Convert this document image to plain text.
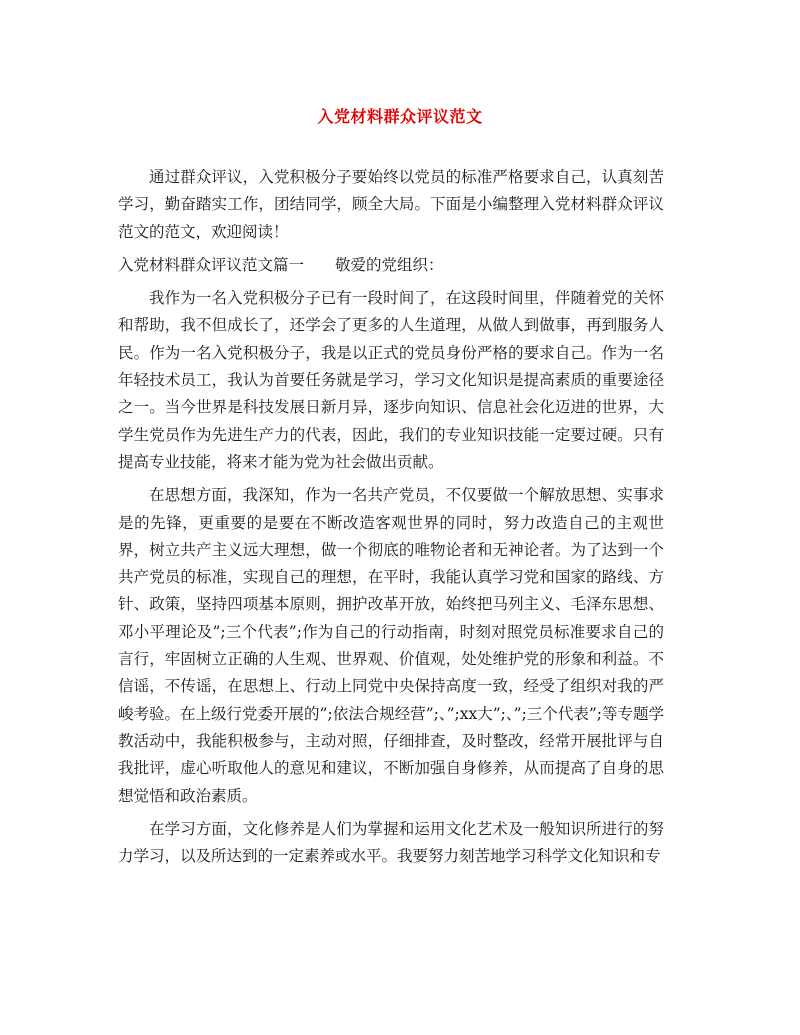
入党材料群众评议范文

通过群众评议，入党积极分子要始终以党员的标准严格要求自己，认真刻苦学习，勤奋踏实工作，团结同学，顾全大局。下面是小编整理入党材料群众评议范文的范文，欢迎阅读！

入党材料群众评议范文篇一　　敬爱的党组织：

我作为一名入党积极分子已有一段时间了，在这段时间里，伴随着党的关怀和帮助，我不但成长了，还学会了更多的人生道理，从做人到做事，再到服务人民。作为一名入党积极分子，我是以正式的党员身份严格的要求自己。作为一名年轻技术员工，我认为首要任务就是学习，学习文化知识是提高素质的重要途径之一。当今世界是科技发展日新月异，逐步向知识、信息社会化迈进的世界，大学生党员作为先进生产力的代表，因此，我们的专业知识技能一定要过硬。只有提高专业技能，将来才能为党为社会做出贡献。

在思想方面，我深知，作为一名共产党员，不仅要做一个解放思想、实事求是的先锋，更重要的是要在不断改造客观世界的同时，努力改造自己的主观世界，树立共产主义远大理想，做一个彻底的唯物论者和无神论者。为了达到一个共产党员的标准，实现自己的理想，在平时，我能认真学习党和国家的路线、方针、政策，坚持四项基本原则，拥护改革开放，始终把马列主义、毛泽东思想、邓小平理论及”;三个代表”;作为自己的行动指南，时刻对照党员标准要求自己的言行，牢固树立正确的人生观、世界观、价值观，处处维护党的形象和利益。不信谣，不传谣，在思想上、行动上同党中央保持高度一致，经受了组织对我的严峻考验。在上级行党委开展的”;依法合规经营”;、”;xx大”;、”;三个代表”;等专题学教活动中，我能积极参与，主动对照，仔细排查，及时整改，经常开展批评与自我批评，虚心听取他人的意见和建议，不断加强自身修养，从而提高了自身的思想觉悟和政治素质。

在学习方面，文化修养是人们为掌握和运用文化艺术及一般知识所进行的努力学习，以及所达到的一定素养或水平。我要努力刻苦地学习科学文化知识和专
